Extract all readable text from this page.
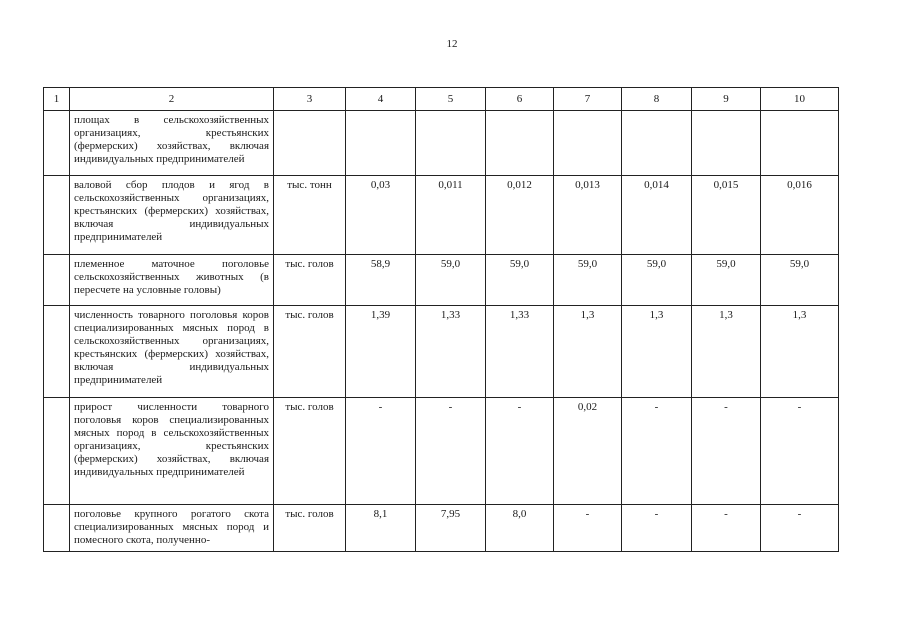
12
1	2	3	4	5	6	7	8	9	10
	площах в сельскохозяйственных организациях, крестьянских (фермерских) хозяйствах, включая индивидуальных предпринимателей								
	валовой сбор плодов и ягод в сельскохозяйственных организациях, крестьянских (фермерских) хозяйствах, включая индивидуальных предпринимателей	тыс. тонн	0,03	0,011	0,012	0,013	0,014	0,015	0,016
	племенное маточное поголовье сельскохозяйственных животных (в пересчете на условные головы)	тыс. голов	58,9	59,0	59,0	59,0	59,0	59,0	59,0
	численность товарного поголовья коров специализированных мясных пород в сельскохозяйственных организациях, крестьянских (фермерских) хозяйствах, включая индивидуальных предпринимателей	тыс. голов	1,39	1,33	1,33	1,3	1,3	1,3	1,3
	прирост численности товарного поголовья коров специализированных мясных пород в сельскохозяйственных организациях, крестьянских (фермерских) хозяйствах, включая индивидуальных предпринимателей	тыс. голов	-	-	-	0,02	-	-	-
	поголовье крупного рогатого скота специализированных мясных пород и помесного скота, полученно-	тыс. голов	8,1	7,95	8,0	-	-	-	-
